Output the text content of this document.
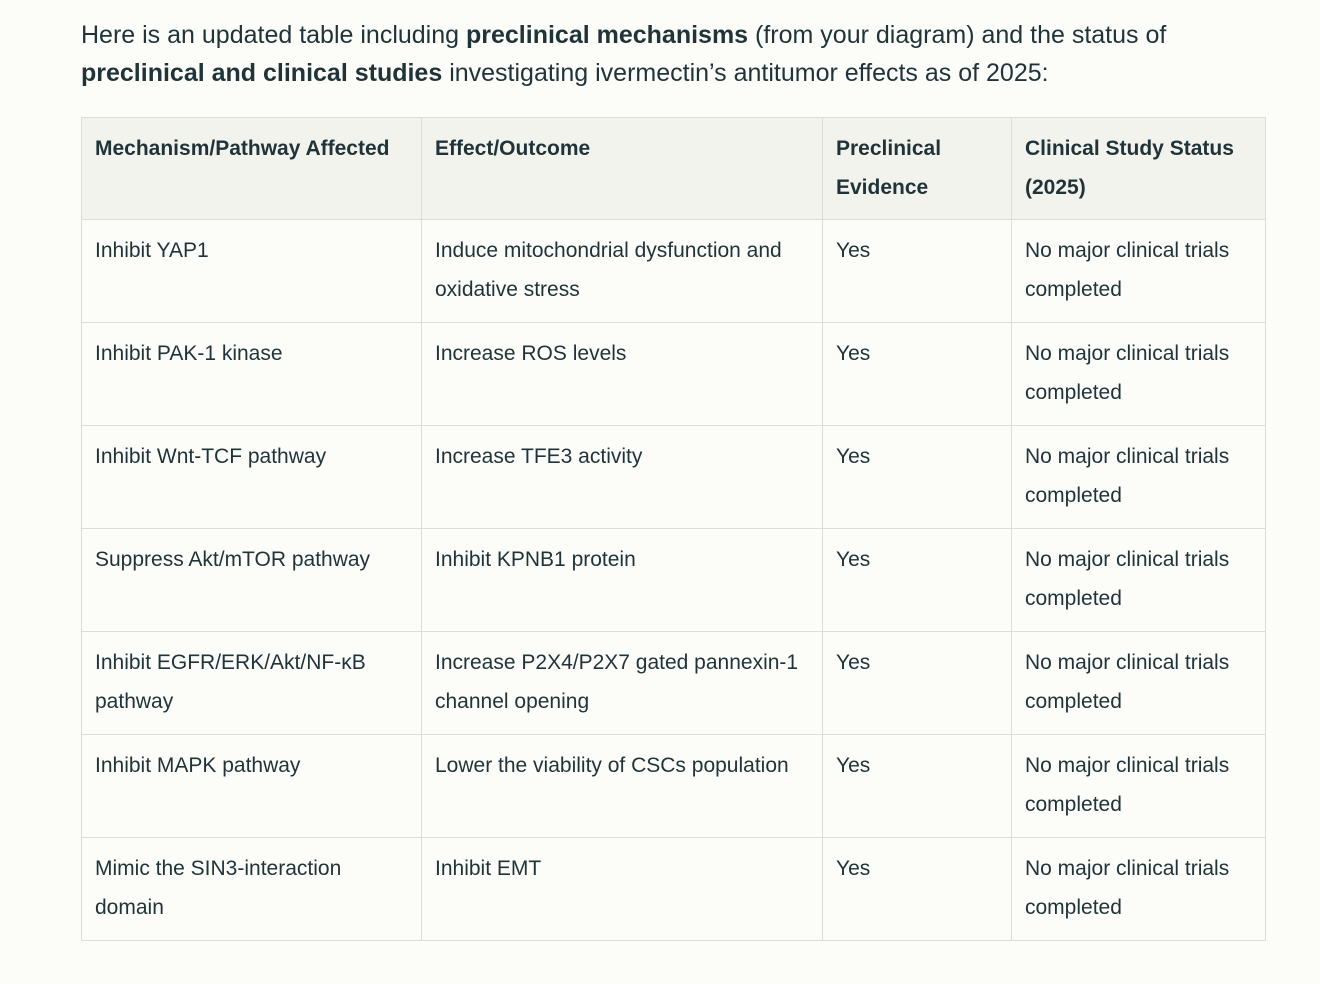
Here is an updated table including preclinical mechanisms (from your diagram) and the status of preclinical and clinical studies investigating ivermectin’s antitumor effects as of 2025:

Mechanism/Pathway Affected	Effect/Outcome	Preclinical Evidence	Clinical Study Status (2025)
Inhibit YAP1	Induce mitochondrial dysfunction and oxidative stress	Yes	No major clinical trials completed
Inhibit PAK-1 kinase	Increase ROS levels	Yes	No major clinical trials completed
Inhibit Wnt-TCF pathway	Increase TFE3 activity	Yes	No major clinical trials completed
Suppress Akt/mTOR pathway	Inhibit KPNB1 protein	Yes	No major clinical trials completed
Inhibit EGFR/ERK/Akt/NF-κB pathway	Increase P2X4/P2X7 gated pannexin-1 channel opening	Yes	No major clinical trials completed
Inhibit MAPK pathway	Lower the viability of CSCs population	Yes	No major clinical trials completed
Mimic the SIN3-interaction domain	Inhibit EMT	Yes	No major clinical trials completed
